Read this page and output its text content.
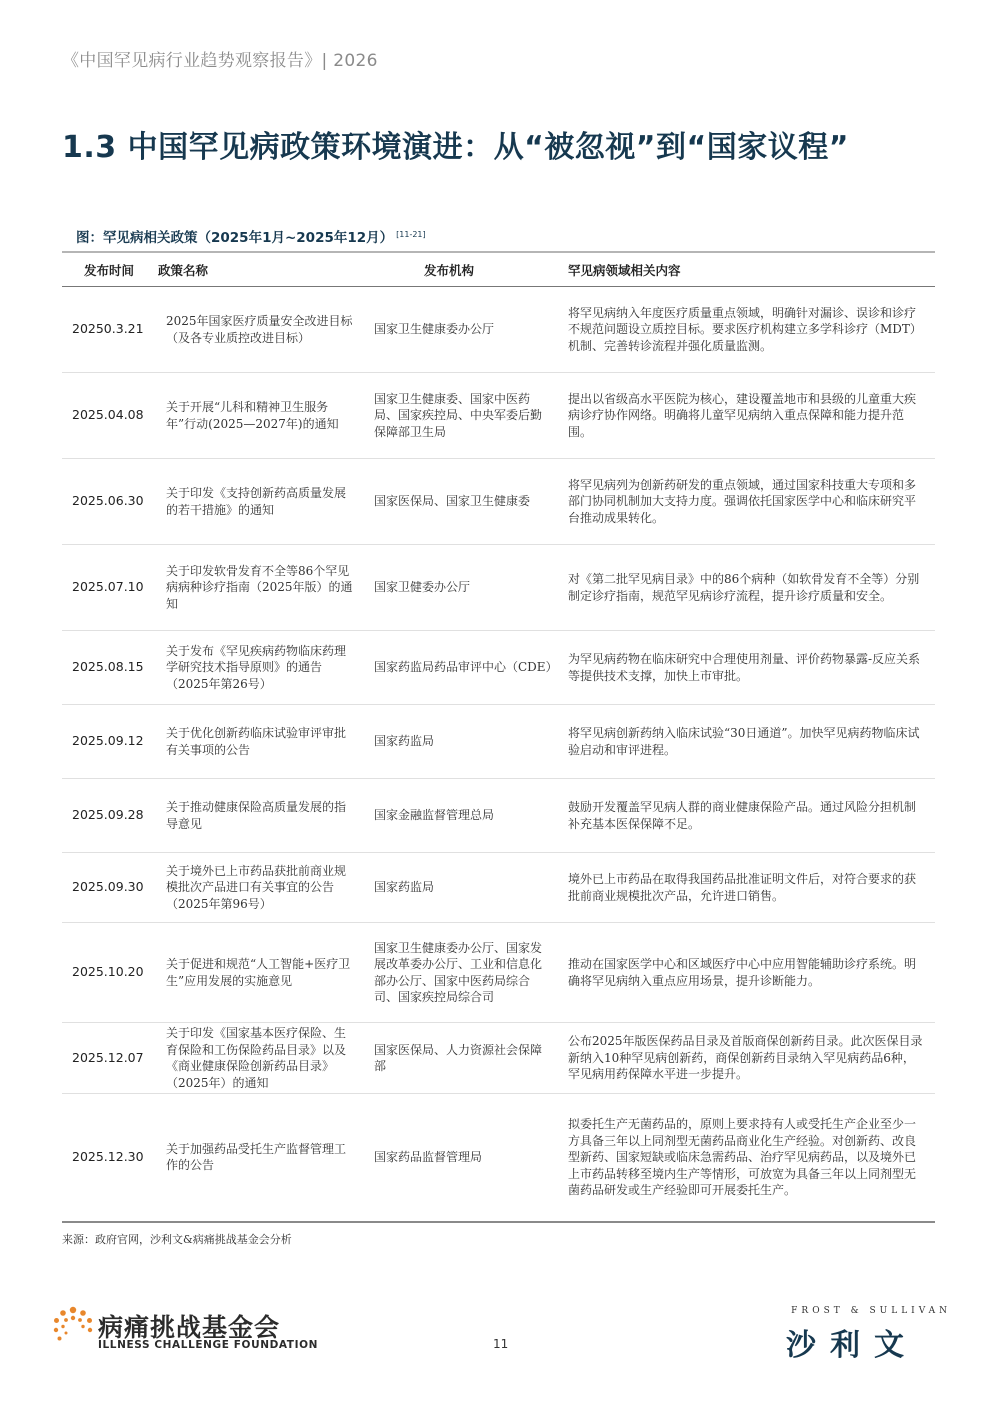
《中国罕见病行业趋势观察报告》| 2026
1.3 中国罕见病政策环境演进：从“被忽视”到“国家议程”
图：罕见病相关政策（2025年1月~2025年12月） [11-21]
发布时间	政策名称	发布机构	罕见病领域相关内容
20250.3.21	2025年国家医疗质量安全改进目标（及各专业质控改进目标）	国家卫生健康委办公厅	将罕见病纳入年度医疗质量重点领域，明确针对漏诊、误诊和诊疗不规范问题设立质控目标。要求医疗机构建立多学科诊疗（MDT）机制、完善转诊流程并强化质量监测。
2025.04.08	关于开展“儿科和精神卫生服务年”行动(2025—2027年)的通知	国家卫生健康委、国家中医药局、国家疾控局、中央军委后勤保障部卫生局	提出以省级高水平医院为核心，建设覆盖地市和县级的儿童重大疾病诊疗协作网络。明确将儿童罕见病纳入重点保障和能力提升范围。
2025.06.30	关于印发《支持创新药高质量发展的若干措施》的通知	国家医保局、国家卫生健康委	将罕见病列为创新药研发的重点领域，通过国家科技重大专项和多部门协同机制加大支持力度。强调依托国家医学中心和临床研究平台推动成果转化。
2025.07.10	关于印发软骨发育不全等86个罕见病病种诊疗指南（2025年版）的通知	国家卫健委办公厅	对《第二批罕见病目录》中的86个病种（如软骨发育不全等）分别制定诊疗指南，规范罕见病诊疗流程，提升诊疗质量和安全。
2025.08.15	关于发布《罕见疾病药物临床药理学研究技术指导原则》的通告（2025年第26号）	国家药监局药品审评中心（CDE）	为罕见病药物在临床研究中合理使用剂量、评价药物暴露-反应关系等提供技术支撑，加快上市审批。
2025.09.12	关于优化创新药临床试验审评审批有关事项的公告	国家药监局	将罕见病创新药纳入临床试验“30日通道”。加快罕见病药物临床试验启动和审评进程。
2025.09.28	关于推动健康保险高质量发展的指导意见	国家金融监督管理总局	鼓励开发覆盖罕见病人群的商业健康保险产品。通过风险分担机制补充基本医保保障不足。
2025.09.30	关于境外已上市药品获批前商业规模批次产品进口有关事宜的公告（2025年第96号）	国家药监局	境外已上市药品在取得我国药品批准证明文件后，对符合要求的获批前商业规模批次产品，允许进口销售。
2025.10.20	关于促进和规范“人工智能+医疗卫生”应用发展的实施意见	国家卫生健康委办公厅、国家发展改革委办公厅、工业和信息化部办公厅、国家中医药局综合司、国家疾控局综合司	推动在国家医学中心和区域医疗中心中应用智能辅助诊疗系统。明确将罕见病纳入重点应用场景，提升诊断能力。
2025.12.07	关于印发《国家基本医疗保险、生育保险和工伤保险药品目录》以及《商业健康保险创新药品目录》（2025年）的通知	国家医保局、人力资源社会保障部	公布2025年版医保药品目录及首版商保创新药目录。此次医保目录新纳入10种罕见病创新药，商保创新药目录纳入罕见病药品6种，罕见病用药保障水平进一步提升。
2025.12.30	关于加强药品受托生产监督管理工作的公告	国家药品监督管理局	拟委托生产无菌药品的，原则上要求持有人或受托生产企业至少一方具备三年以上同剂型无菌药品商业化生产经验。对创新药、改良型新药、国家短缺或临床急需药品、治疗罕见病药品，以及境外已上市药品转移至境内生产等情形，可放宽为具备三年以上同剂型无菌药品研发或生产经验即可开展委托生产。
来源：政府官网，沙利文&病痛挑战基金会分析
病痛挑战基金会
ILLNESS CHALLENGE FOUNDATION	11
FROST & SULLIVAN
沙利文
